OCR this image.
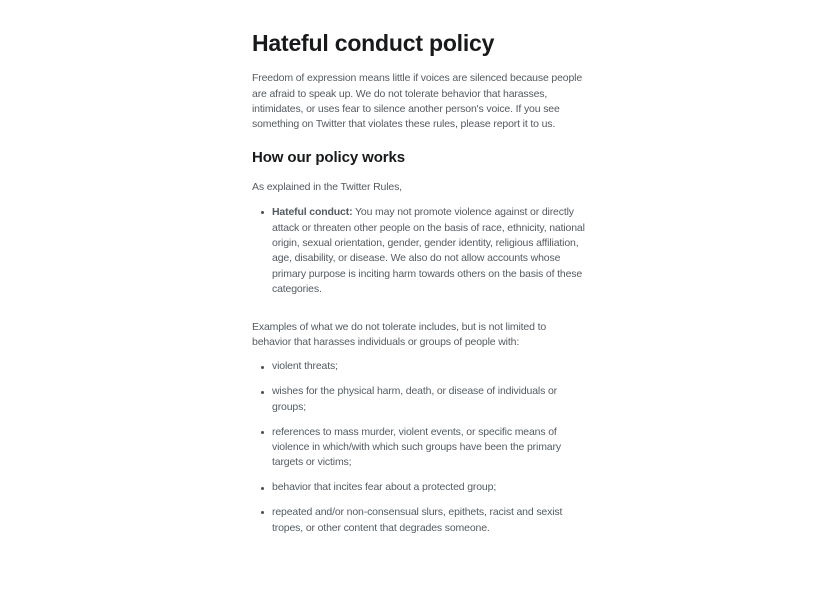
Hateful conduct policy

Freedom of expression means little if voices are silenced because people are afraid to speak up. We do not tolerate behavior that harasses, intimidates, or uses fear to silence another person's voice. If you see something on Twitter that violates these rules, please report it to us.

How our policy works

As explained in the Twitter Rules,

Hateful conduct: You may not promote violence against or directly attack or threaten other people on the basis of race, ethnicity, national origin, sexual orientation, gender, gender identity, religious affiliation, age, disability, or disease. We also do not allow accounts whose primary purpose is inciting harm towards others on the basis of these categories.

Examples of what we do not tolerate includes, but is not limited to behavior that harasses individuals or groups of people with:

violent threats;
wishes for the physical harm, death, or disease of individuals or groups;
references to mass murder, violent events, or specific means of violence in which/with which such groups have been the primary targets or victims;
behavior that incites fear about a protected group;
repeated and/or non-consensual slurs, epithets, racist and sexist tropes, or other content that degrades someone.
